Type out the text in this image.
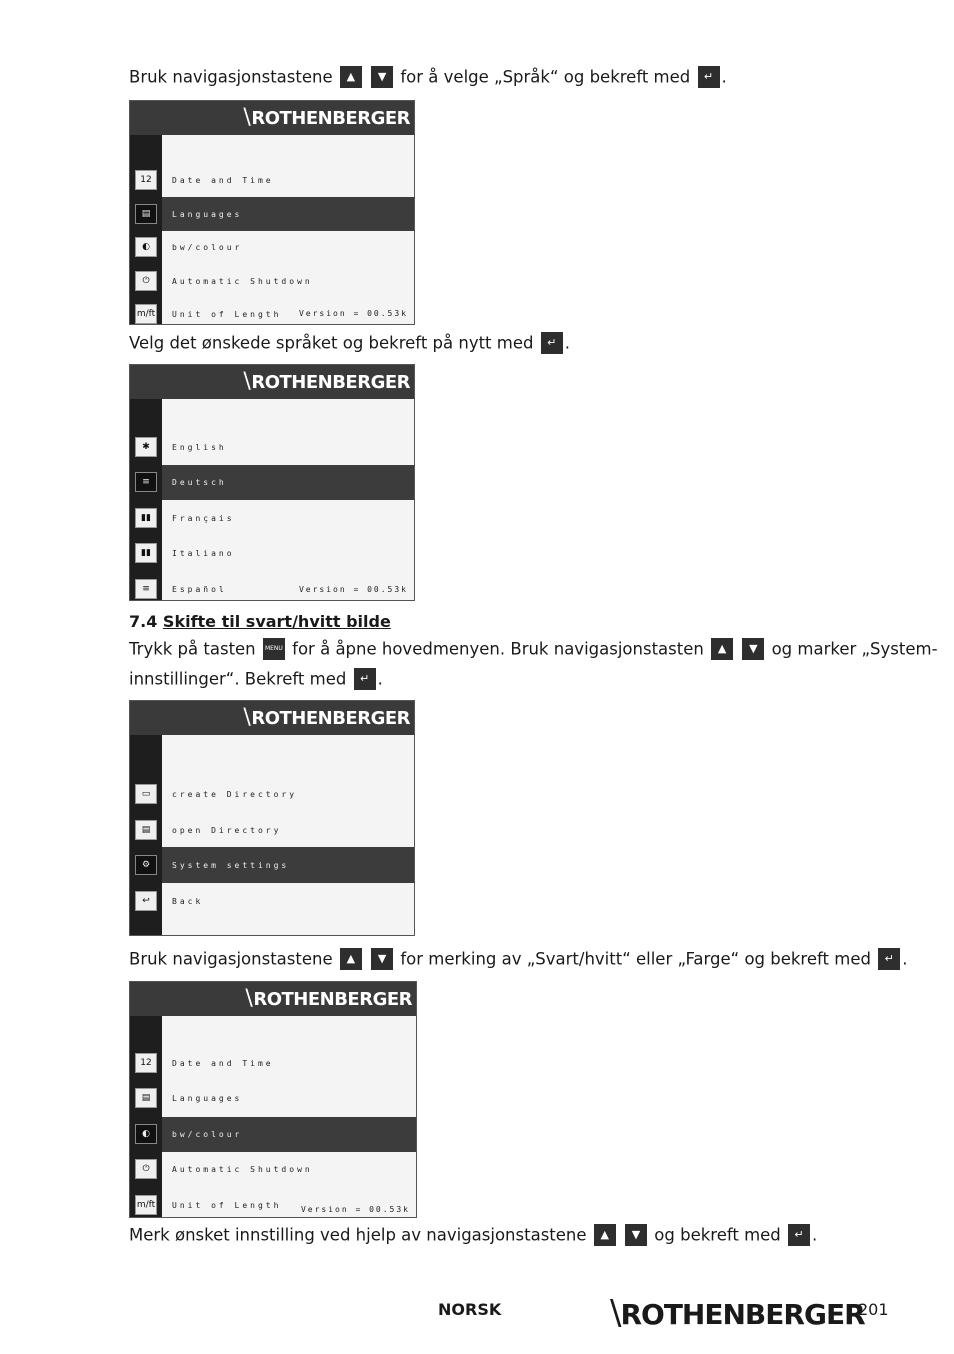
Bruk navigasjonstastene ▲ ▼ for å velge „Språk“ og bekreft med ↵ .
\ROTHENBERGER
12	Date and Time
▤	Languages
◐	bw/colour
⏻	Automatic Shutdown
m/ft Unit of Length Version = 00.53k
Velg det ønskede språket og bekreft på nytt med ↵ .
\ROTHENBERGER
✱	English
≡	Deutsch
▮▮	Français
▮▮	Italiano
≡	Español	Version = 00.53k
7.4 Skifte til svart/hvitt bilde
Trykk på tasten MENU for å åpne hovedmenyen. Bruk navigasjonstasten ▲ ▼ og marker „System-
innstillinger“. Bekreft med ↵ .
\ROTHENBERGER
▭	create Directory
▤	open Directory
⚙	System settings
↩	Back
Bruk navigasjonstastene ▲ ▼ for merking av „Svart/hvitt“ eller „Farge“ og bekreft med ↵ .
\ROTHENBERGER
12	Date and Time
▤	Languages
◐	bw/colour
⏻	Automatic Shutdown
m/ft Unit of Length Version = 00.53k
Merk ønsket innstilling ved hjelp av navigasjonstastene ▲ ▼ og bekreft med ↵ .
NORSK	\ROTHENBERGER
201
